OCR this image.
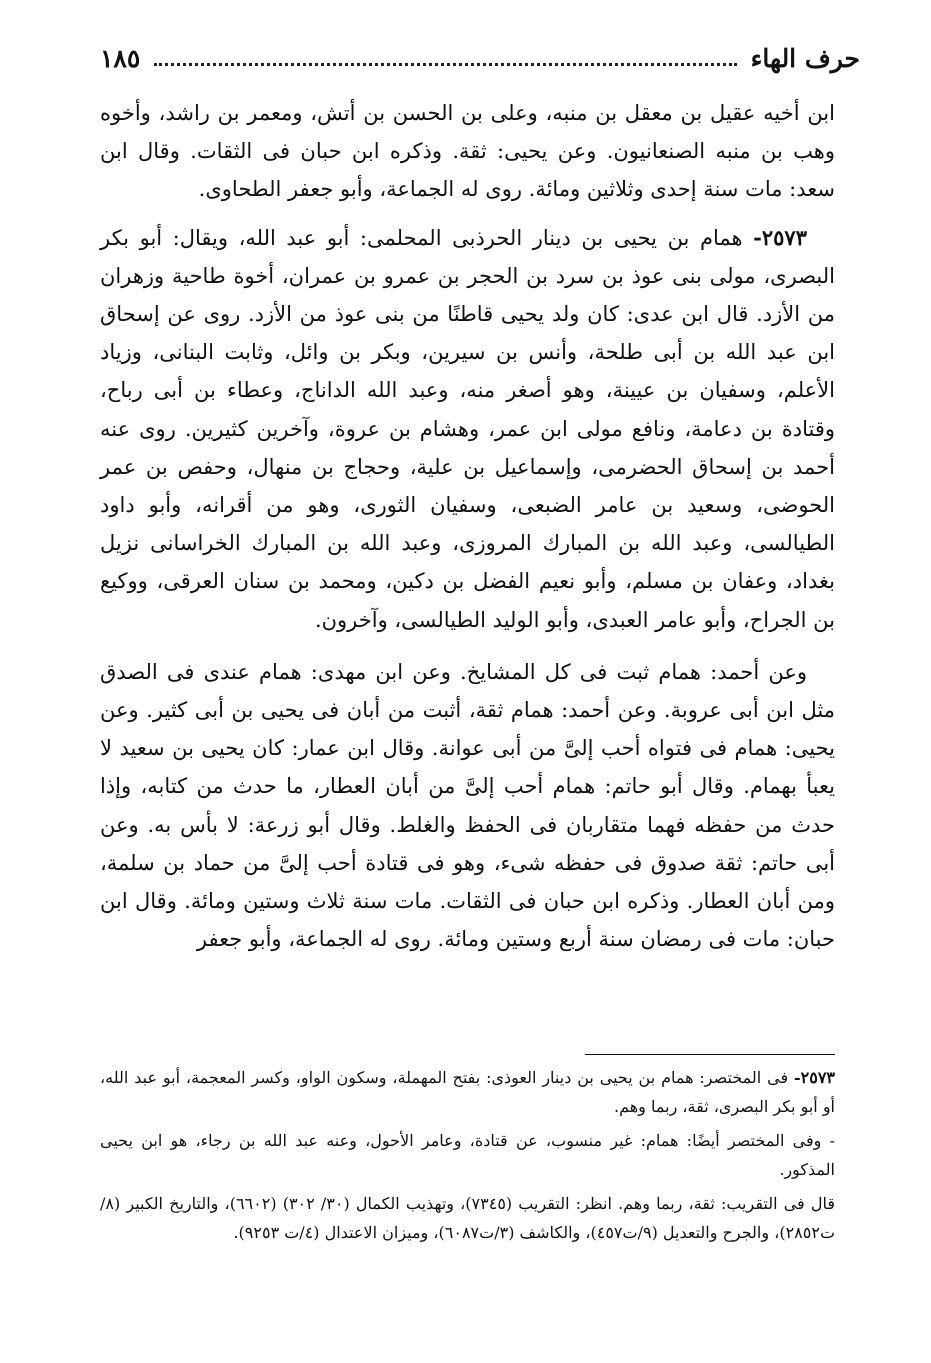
حرف الهاء
١٨٥

ابن أخيه عقيل بن معقل بن منبه، وعلى بن الحسن بن أتش، ومعمر بن راشد، وأخوه وهب بن منبه الصنعانيون. وعن يحيى: ثقة. وذكره ابن حبان فى الثقات. وقال ابن سعد: مات سنة إحدى وثلاثين ومائة. روى له الجماعة، وأبو جعفر الطحاوى.

٢٥٧٣- همام بن يحيى بن دينار الحرذبى المحلمى: أبو عبد الله، ويقال: أبو بكر البصرى، مولى بنى عوذ بن سرد بن الحجر بن عمرو بن عمران، أخوة طاحية وزهران من الأزد. قال ابن عدى: كان ولد يحيى قاطنًا من بنى عوذ من الأزد. روى عن إسحاق ابن عبد الله بن أبى طلحة، وأنس بن سيرين، وبكر بن وائل، وثابت البنانى، وزياد الأعلم، وسفيان بن عيينة، وهو أصغر منه، وعبد الله الداناج، وعطاء بن أبى رباح، وقتادة بن دعامة، ونافع مولى ابن عمر، وهشام بن عروة، وآخرين كثيرين. روى عنه أحمد بن إسحاق الحضرمى، وإسماعيل بن علية، وحجاج بن منهال، وحفص بن عمر الحوضى، وسعيد بن عامر الضبعى، وسفيان الثورى، وهو من أقرانه، وأبو داود الطيالسى، وعبد الله بن المبارك المروزى، وعبد الله بن المبارك الخراسانى نزيل بغداد، وعفان بن مسلم، وأبو نعيم الفضل بن دكين، ومحمد بن سنان العرقى، ووكيع بن الجراح، وأبو عامر العبدى، وأبو الوليد الطيالسى، وآخرون.

وعن أحمد: همام ثبت فى كل المشايخ. وعن ابن مهدى: همام عندى فى الصدق مثل ابن أبى عروبة. وعن أحمد: همام ثقة، أثبت من أبان فى يحيى بن أبى كثير. وعن يحيى: همام فى فتواه أحب إلىَّ من أبى عوانة. وقال ابن عمار: كان يحيى بن سعيد لا يعبأ بهمام. وقال أبو حاتم: همام أحب إلىَّ من أبان العطار، ما حدث من كتابه، وإذا حدث من حفظه فهما متقاربان فى الحفظ والغلط. وقال أبو زرعة: لا بأس به. وعن أبى حاتم: ثقة صدوق فى حفظه شىء، وهو فى قتادة أحب إلىَّ من حماد بن سلمة، ومن أبان العطار. وذكره ابن حبان فى الثقات. مات سنة ثلاث وستين ومائة. وقال ابن حبان: مات فى رمضان سنة أربع وستين ومائة. روى له الجماعة، وأبو جعفر

٢٥٧٣- فى المختصر: همام بن يحيى بن دينار العوذى: بفتح المهملة، وسكون الواو، وكسر المعجمة، أبو عبد الله، أو أبو بكر البصرى، ثقة، ربما وهم.

- وفى المختصر أيضًا: همام: غير منسوب، عن قتادة، وعامر الأحول، وعنه عبد الله بن رجاء، هو ابن يحيى المذكور.

قال فى التقريب: ثقة، ربما وهم. انظر: التقريب (٧٣٤٥)، وتهذيب الكمال (٣٠/ ٣٠٢) (٦٦٠٢)، والتاريخ الكبير (٨/ت٢٨٥٢)، والجرح والتعديل (٩/ت٤٥٧)، والكاشف (٣/ت٦٠٨٧)، وميزان الاعتدال (٤/ت ٩٢٥٣).
